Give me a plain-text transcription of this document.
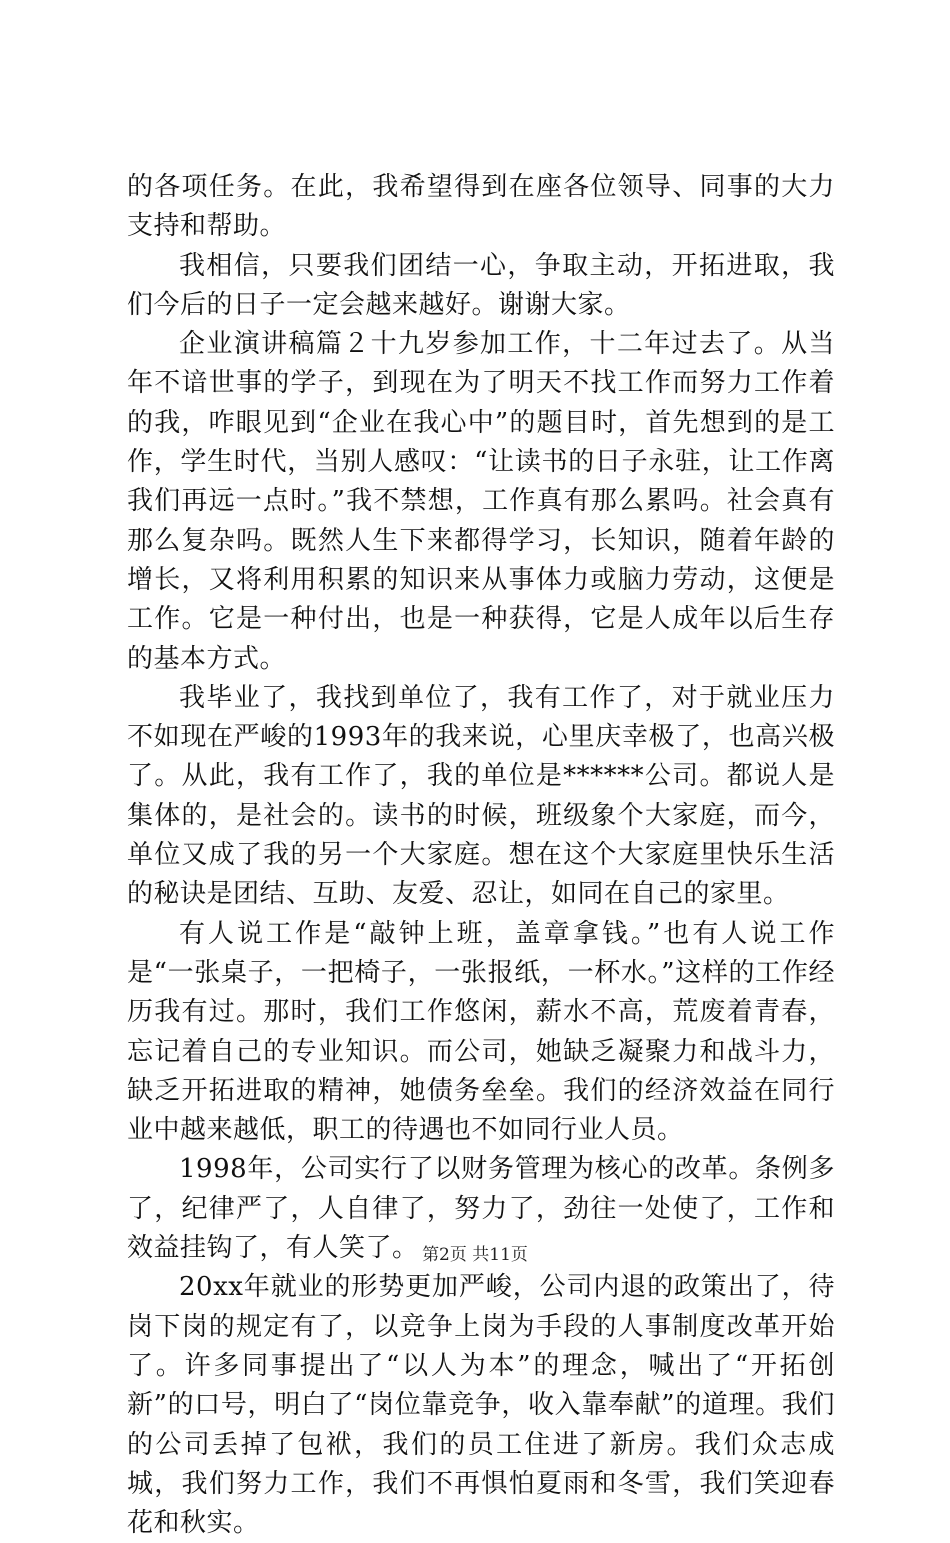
的各项任务。在此，我希望得到在座各位领导、同事的大力支持和帮助。

我相信，只要我们团结一心，争取主动，开拓进取，我们今后的日子一定会越来越好。谢谢大家。

企业演讲稿篇２十九岁参加工作，十二年过去了。从当年不谙世事的学子，到现在为了明天不找工作而努力工作着的我，咋眼见到“企业在我心中”的题目时，首先想到的是工作，学生时代，当别人感叹：“让读书的日子永驻，让工作离我们再远一点时。”我不禁想，工作真有那么累吗。社会真有那么复杂吗。既然人生下来都得学习，长知识，随着年龄的增长，又将利用积累的知识来从事体力或脑力劳动，这便是工作。它是一种付出，也是一种获得，它是人成年以后生存的基本方式。

我毕业了，我找到单位了，我有工作了，对于就业压力不如现在严峻的1993年的我来说，心里庆幸极了，也高兴极了。从此，我有工作了，我的单位是******公司。都说人是集体的，是社会的。读书的时候，班级象个大家庭，而今，单位又成了我的另一个大家庭。想在这个大家庭里快乐生活的秘诀是团结、互助、友爱、忍让，如同在自己的家里。

有人说工作是“敲钟上班，盖章拿钱。”也有人说工作是“一张桌子，一把椅子，一张报纸，一杯水。”这样的工作经历我有过。那时，我们工作悠闲，薪水不高，荒废着青春，忘记着自己的专业知识。而公司，她缺乏凝聚力和战斗力，缺乏开拓进取的精神，她债务垒垒。我们的经济效益在同行业中越来越低，职工的待遇也不如同行业人员。

1998年，公司实行了以财务管理为核心的改革。条例多了，纪律严了，人自律了，努力了，劲往一处使了，工作和效益挂钩了，有人笑了。

20xx年就业的形势更加严峻，公司内退的政策出了，待岗下岗的规定有了，以竞争上岗为手段的人事制度改革开始了。许多同事提出了“以人为本”的理念，喊出了“开拓创新”的口号，明白了“岗位靠竞争，收入靠奉献”的道理。我们的公司丢掉了包袱，我们的员工住进了新房。我们众志成城，我们努力工作，我们不再惧怕夏雨和冬雪，我们笑迎春花和秋实。

第2页 共11页
